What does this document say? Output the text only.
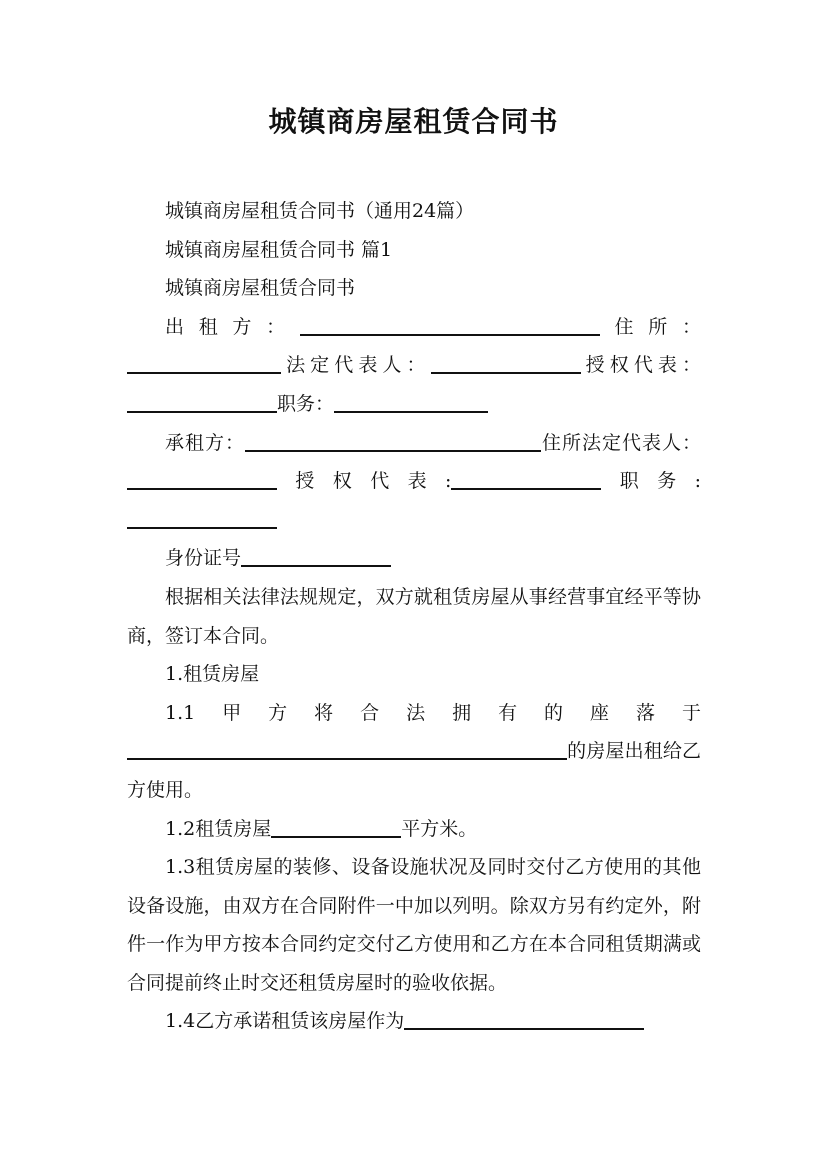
城镇商房屋租赁合同书

城镇商房屋租赁合同书（通用24篇）

城镇商房屋租赁合同书 篇1

城镇商房屋租赁合同书

出租方：	住所：法定代表人：	授权代表：职务：

承租方：	住所法定代表人：授权代表:	职务:

身份证号

根据相关法律法规规定，双方就租赁房屋从事经营事宜经平等协商，签订本合同。

1.租赁房屋

1.1甲方将合法拥有的座落于的房屋出租给乙方使用。

1.2租赁房屋	平方米。

1.3租赁房屋的装修、设备设施状况及同时交付乙方使用的其他设备设施，由双方在合同附件一中加以列明。除双方另有约定外，附件一作为甲方按本合同约定交付乙方使用和乙方在本合同租赁期满或合同提前终止时交还租赁房屋时的验收依据。

1.4乙方承诺租赁该房屋作为
